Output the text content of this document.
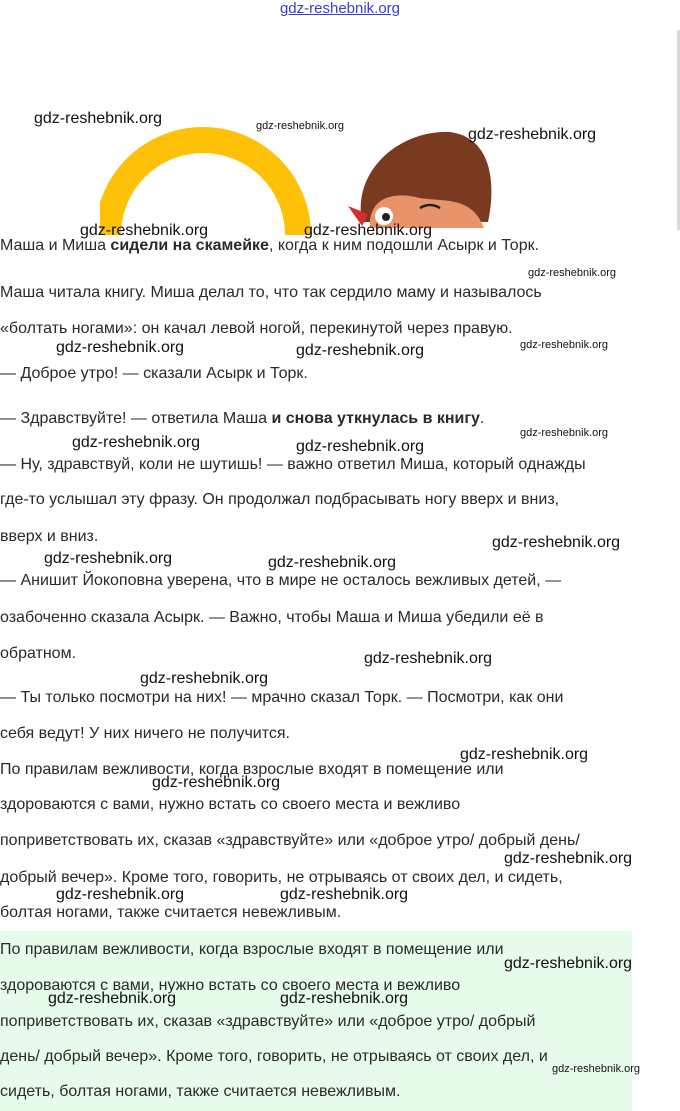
gdz-reshebnik.org
Маша и Миша сидели на скамейке, когда к ним подошли Асырк и Торк.
Маша читала книгу. Миша делал то, что так сердило маму и называлось
«болтать ногами»: он качал левой ногой, перекинутой через правую.
— Доброе утро! — сказали Асырк и Торк.
— Здравствуйте! — ответила Маша и снова уткнулась в книгу.
— Ну, здравствуй, коли не шутишь! — важно ответил Миша, который однажды
где-то услышал эту фразу. Он продолжал подбрасывать ногу вверх и вниз,
вверх и вниз.
— Анишит Йокоповна уверена, что в мире не осталось вежливых детей, —
озабоченно сказала Асырк. — Важно, чтобы Маша и Миша убедили её в
обратном.
— Ты только посмотри на них! — мрачно сказал Торк. — Посмотри, как они
себя ведут! У них ничего не получится.
По правилам вежливости, когда взрослые входят в помещение или
здороваются с вами, нужно встать со своего места и вежливо
поприветствовать их, сказав «здравствуйте» или «доброе утро/ добрый день/
добрый вечер». Кроме того, говорить, не отрываясь от своих дел, и сидеть,
болтая ногами, также считается невежливым.
По правилам вежливости, когда взрослые входят в помещение или
здороваются с вами, нужно встать со своего места и вежливо
поприветствовать их, сказав «здравствуйте» или «доброе утро/ добрый
день/ добрый вечер». Кроме того, говорить, не отрываясь от своих дел, и
сидеть, болтая ногами, также считается невежливым.
gdz-reshebnik.org	gdz-reshebnik.org	gdz-reshebnik.org
gdz-reshebnik.org	gdz-reshebnik.org
gdz-reshebnik.org
gdz-reshebnik.org	gdz-reshebnik.org	gdz-reshebnik.org
gdz-reshebnik.org	gdz-reshebnik.org
gdz-reshebnik.org
gdz-reshebnik.org	gdz-reshebnik.org
gdz-reshebnik.org
gdz-reshebnik.org
gdz-reshebnik.org
gdz-reshebnik.org
gdz-reshebnik.org
gdz-reshebnik.org
gdz-reshebnik.org	gdz-reshebnik.org
gdz-reshebnik.org
gdz-reshebnik.org	gdz-reshebnik.org
gdz-reshebnik.org
